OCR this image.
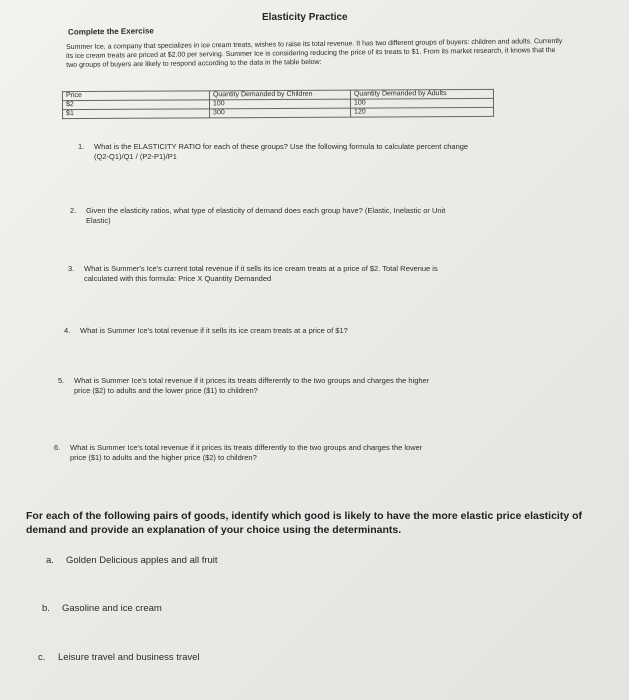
Elasticity Practice
Complete the Exercise
Summer Ice, a company that specializes in ice cream treats, wishes to raise its total revenue. It has two different groups of buyers: children and adults. Currently its ice cream treats are priced at $2.00 per serving. Summer Ice is considering reducing the price of its treats to $1. From its market research, it knows that the two groups of buyers are likely to respond according to the data in the table below:
Price	Quantity Demanded by Children	Quantity Demanded by Adults
$2	100	100
$1	300	120
1. What is the ELASTICITY RATIO for each of these groups? Use the following formula to calculate percent change
(Q2-Q1)/Q1 / (P2-P1)/P1
2. Given the elasticity ratios, what type of elasticity of demand does each group have? (Elastic, Inelastic or Unit
Elastic)
3. What is Summer's Ice's current total revenue if it sells its ice cream treats at a price of $2. Total Revenue is
calculated with this formula: Price X Quantity Demanded
4. What is Summer Ice's total revenue if it sells its ice cream treats at a price of $1?
5. What is Summer Ice's total revenue if it prices its treats differently to the two groups and charges the higher
price ($2) to adults and the lower price ($1) to children?
6. What is Summer Ice's total revenue if it prices its treats differently to the two groups and charges the lower
price ($1) to adults and the higher price ($2) to children?
For each of the following pairs of goods, identify which good is likely to have the more elastic price elasticity of demand and provide an explanation of your choice using the determinants.
a. Golden Delicious apples and all fruit
b. Gasoline and ice cream
c. Leisure travel and business travel
